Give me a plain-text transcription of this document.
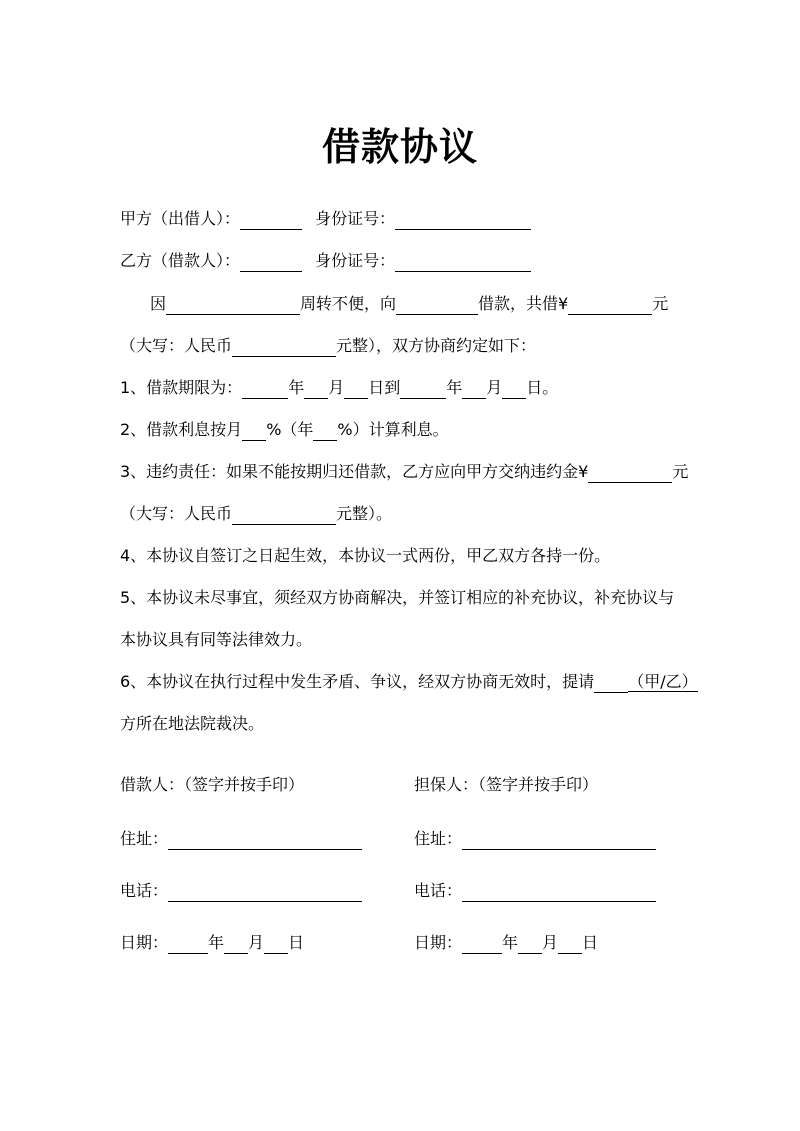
借款协议
甲方（出借人）：	身份证号：
乙方（借款人）：	身份证号：
因	周转不便，向	借款，共借¥	元
（大写：人民币	元整），双方协商约定如下：
1、借款期限为：	年 月 日到	年 月 日。
2、借款利息按月 %（年 %）计算利息。
3、违约责任：如果不能按期归还借款，乙方应向甲方交纳违约金¥	元
（大写：人民币	元整）。
4、本协议自签订之日起生效，本协议一式两份，甲乙双方各持一份。
5、本协议未尽事宜，须经双方协商解决，并签订相应的补充协议，补充协议与
本协议具有同等法律效力。
6、本协议在执行过程中发生矛盾、争议，经双方协商无效时，提请 （甲/乙）
方所在地法院裁决。
借款人：（签字并按手印）	担保人：（签字并按手印）
住址：	住址：
电话：	电话：
日期：	年 月 日	日期：	年 月 日
